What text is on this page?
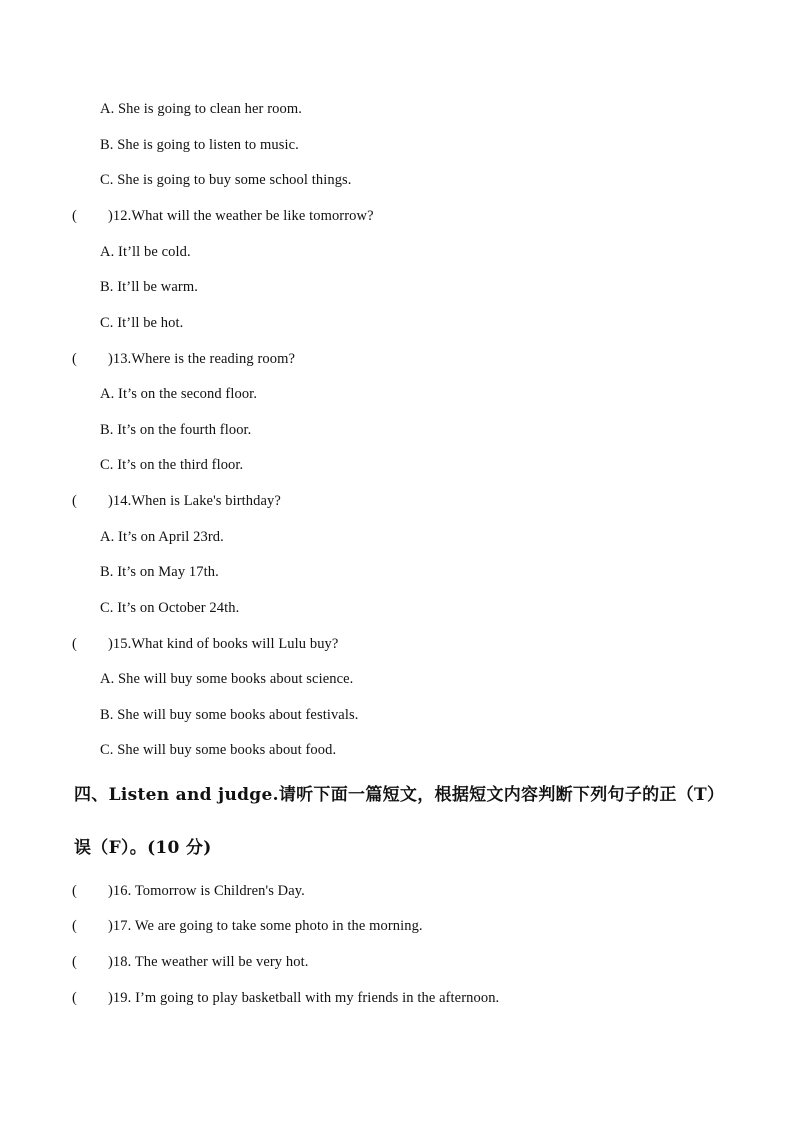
A. She is going to clean her room.
B. She is going to listen to music.
C. She is going to buy some school things.
( )12.What will the weather be like tomorrow?
A. It’ll be cold.
B. It’ll be warm.
C. It’ll be hot.
( )13.Where is the reading room?
A. It’s on the second floor.
B. It’s on the fourth floor.
C. It’s on the third floor.
( )14.When is Lake's birthday?
A. It’s on April 23rd.
B. It’s on May 17th.
C. It’s on October 24th.
( )15.What kind of books will Lulu buy?
A. She will buy some books about science.
B. She will buy some books about festivals.
C. She will buy some books about food.
四、Listen and judge.请听下面一篇短文，根据短文内容判断下列句子的正（T）
误（F）。(10 分)
( )16. Tomorrow is Children's Day.
( )17. We are going to take some photo in the morning.
( )18. The weather will be very hot.
( )19. I’m going to play basketball with my friends in the afternoon.
